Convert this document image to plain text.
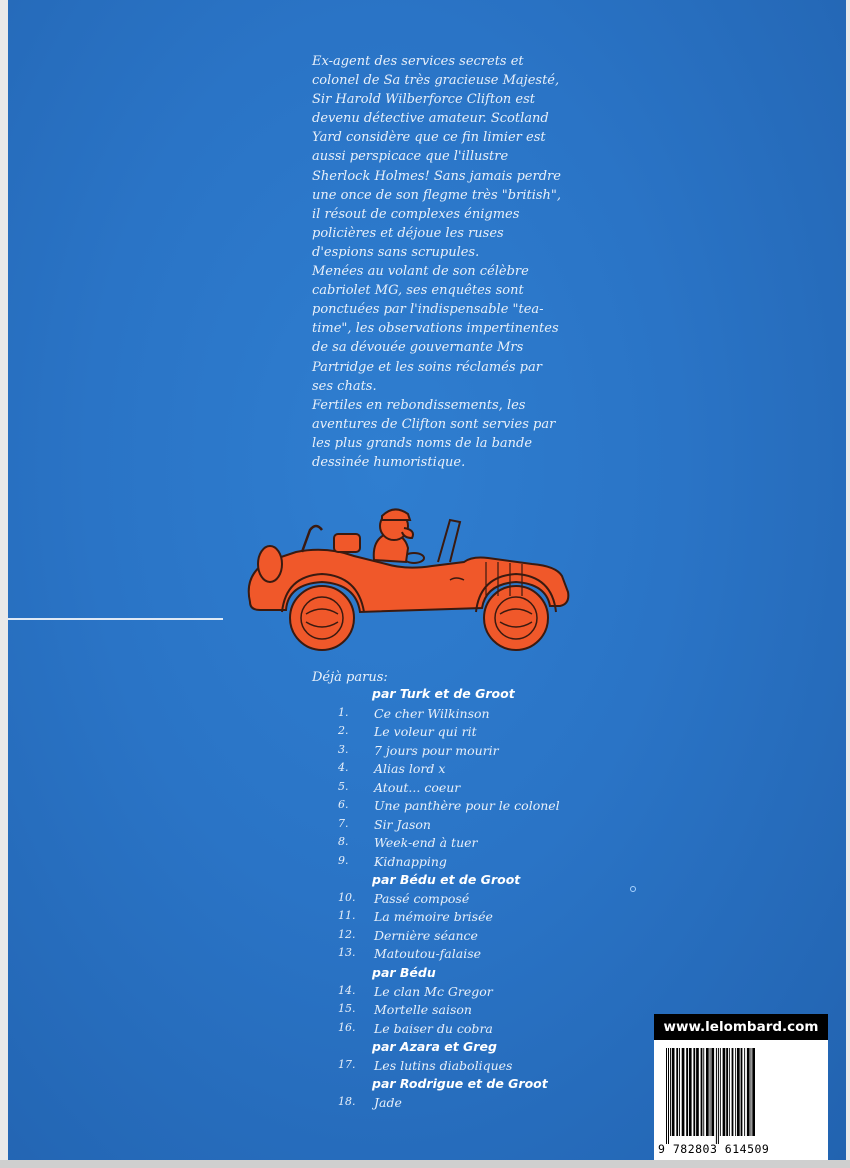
Ex-agent des services secrets et colonel de Sa très gracieuse Majesté, Sir Harold Wilberforce Clifton est devenu détective amateur. Scotland Yard considère que ce fin limier est aussi perspicace que l'illustre Sherlock Holmes! Sans jamais perdre une once de son flegme très "british", il résout de complexes énigmes policières et déjoue les ruses d'espions sans scrupules.

Menées au volant de son célèbre cabriolet MG, ses enquêtes sont ponctuées par l'indispensable "tea-time", les observations impertinentes de sa dévouée gouvernante Mrs Partridge et les soins réclamés par ses chats.

Fertiles en rebondissements, les aventures de Clifton sont servies par les plus grands noms de la bande dessinée humoristique.

Déjà parus:
par Turk et de Groot
1.	Ce cher Wilkinson
2.	Le voleur qui rit
3.	7 jours pour mourir
4.	Alias lord x
5.	Atout... coeur
6.	Une panthère pour le colonel
7.	Sir Jason
8.	Week-end à tuer
9.	Kidnapping
par Bédu et de Groot
10. Passé composé
11. La mémoire brisée
12. Dernière séance
13. Matoutou-falaise
par Bédu
14. Le clan Mc Gregor
15. Mortelle saison
16. Le baiser du cobra
par Azara et Greg
17. Les lutins diaboliques
par Rodrigue et de Groot
18. Jade
www.lelombard.com
9 782803 614509
